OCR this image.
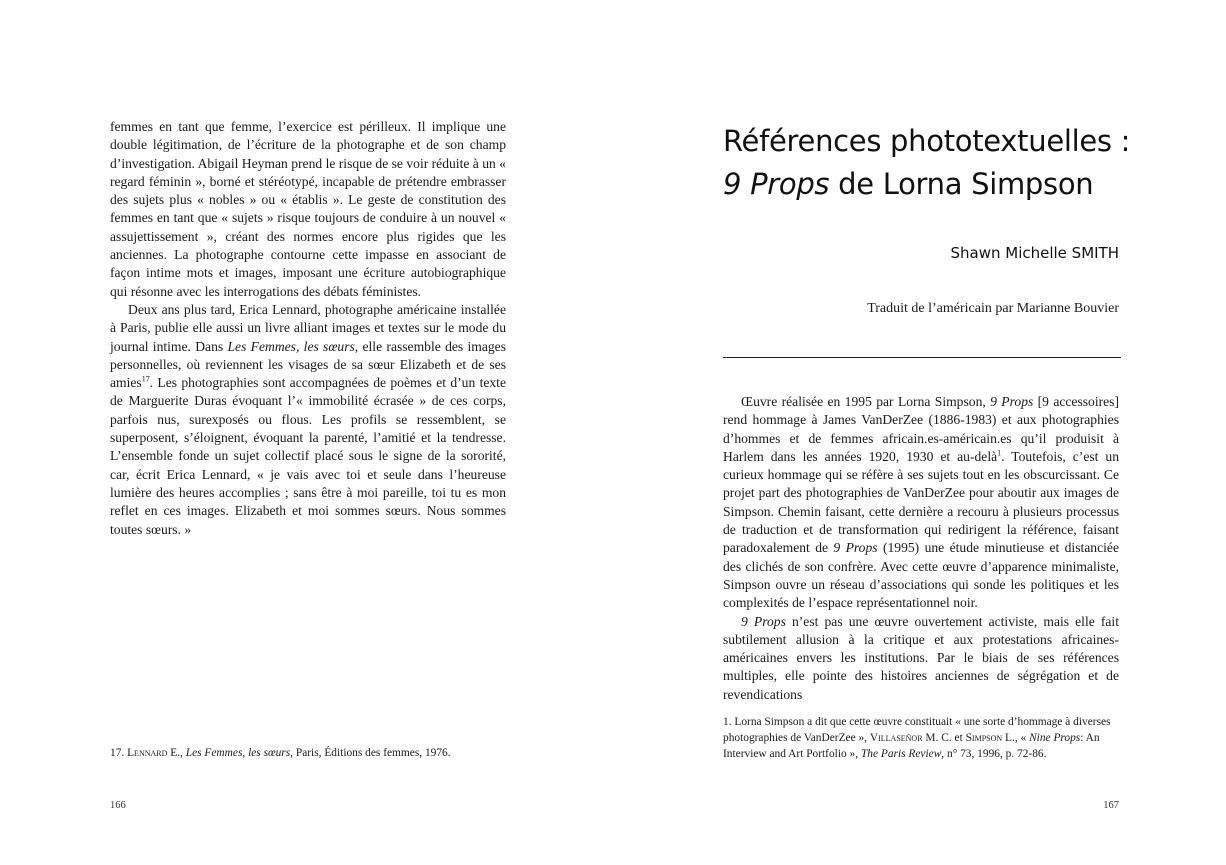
femmes en tant que femme, l’exercice est périlleux. Il implique une double légitimation, de l’écriture de la photographe et de son champ d’investigation. Abigail Heyman prend le risque de se voir réduite à un « regard féminin », borné et stéréotypé, incapable de prétendre embrasser des sujets plus « nobles » ou « établis ». Le geste de constitution des femmes en tant que « sujets » risque toujours de conduire à un nouvel « assujettissement », créant des normes encore plus rigides que les anciennes. La photographe contourne cette impasse en associant de façon intime mots et images, imposant une écriture autobiographique qui résonne avec les interrogations des débats féministes.

Deux ans plus tard, Erica Lennard, photographe américaine installée à Paris, publie elle aussi un livre alliant images et textes sur le mode du journal intime. Dans Les Femmes, les sœurs, elle rassemble des images personnelles, où reviennent les visages de sa sœur Elizabeth et de ses amies$^{17}$. Les photographies sont accompagnées de poèmes et d’un texte de Marguerite Duras évoquant l’« immobilité écrasée » de ces corps, parfois nus, surexposés ou flous. Les profils se ressemblent, se superposent, s’éloignent, évoquant la parenté, l’amitié et la tendresse. L’ensemble fonde un sujet collectif placé sous le signe de la sororité, car, écrit Erica Lennard, « je vais avec toi et seule dans l’heureuse lumière des heures accomplies ; sans être à moi pareille, toi tu es mon reflet en ces images. Elizabeth et moi sommes sœurs. Nous sommes toutes sœurs. »

17. Lennard E., Les Femmes, les sœurs, Paris, Éditions des femmes, 1976.
166
Références phototextuelles :
9 Props de Lorna Simpson
Shawn Michelle SMITH
Traduit de l’américain par Marianne Bouvier

Œuvre réalisée en 1995 par Lorna Simpson, 9 Props [9 accessoires] rend hommage à James VanDerZee (1886-1983) et aux photographies d’hommes et de femmes africain.es-américain.es qu’il produisit à Harlem dans les années 1920, 1930 et au-delà$^1$. Toutefois, c’est un curieux hommage qui se réfère à ses sujets tout en les obscurcissant. Ce projet part des photographies de VanDerZee pour aboutir aux images de Simpson. Chemin faisant, cette dernière a recouru à plusieurs processus de traduction et de transformation qui redirigent la référence, faisant paradoxalement de 9 Props (1995) une étude minutieuse et distanciée des clichés de son confrère. Avec cette œuvre d’apparence minimaliste, Simpson ouvre un réseau d’associations qui sonde les politiques et les complexités de l’espace représentationnel noir.

9 Props n’est pas une œuvre ouvertement activiste, mais elle fait subtilement allusion à la critique et aux protestations africaines-américaines envers les institutions. Par le biais de ses références multiples, elle pointe des histoires anciennes de ségrégation et de revendications

1. Lorna Simpson a dit que cette œuvre constituait « une sorte d’hommage à diverses photographies de VanDerZee », Villaseñor M. C. et Simpson L., « Nine Props: An Interview and Art Portfolio », The Paris Review, n° 73, 1996, p. 72-86.
167
